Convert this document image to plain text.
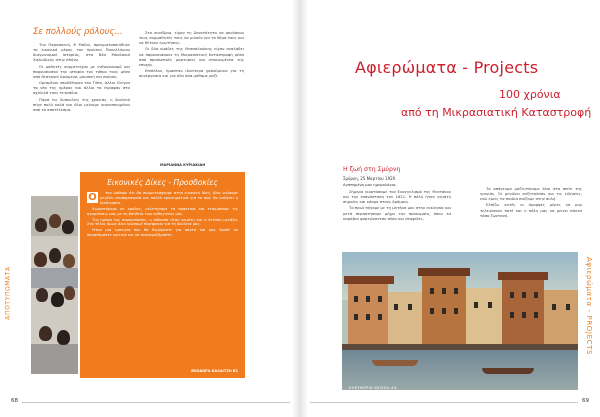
Σε πολλούς ρόλους...

Την Παρασκευή, 8 Μαΐου, πραγματοποιήθηκε το εικονικό μέρος του πρώτου Πανελλήνιου διαγωνισμού Ιστορίας, στα Νέα Μουδανιά Χαλκιδικής στην Αθήνα.

Οι μαθητές συμμετείχαν με ενθουσιασμό και παρουσίασαν την ιστορία του τόπου τους μέσα από θεατρικά δρώμενα, μουσική και ποίηση.

Ορισμένοι υποδύθηκαν τον Τύπο, άλλοι έλεγαν τα νέα της ημέρας και άλλοι τα έγραφαν στα σχολικά τους τετράδια.

Παρά τις δυσκολίες της χρονιάς, η δουλειά πήγε πολύ καλά και όλοι μείναμε ικανοποιημένοι από το αποτέλεσμα.

Στο συνέδριο, είχαν τη δυνατότητα να ακούσουν τους συμμαθητές τους να μιλούν για το θέμα τους και να θέτουν ερωτήσεις.

Οι δύο ομάδες της Θεσσαλονίκης είχαν αναλάβει να παρουσιάσουν τη Μικρασιατική Καταστροφή μέσα από προσωπικές μαρτυρίες και ντοκουμέντα της εποχής.

Επιπλέον, ήμασταν ιδιαίτερα χαρούμενοι για τη συνεργασία και για όλα όσα μάθαμε μαζί.

ΜΑΡΙΑΝΝΑ ΚΥΡΙΑΚΙΔΗ
Εικονικές Δίκες - Προσδοκίες
Ο	ταν μάθαμε ότι θα συμμετάσχουμε στην εικονική δίκη, όλοι νιώσαμε μεγάλη ανυπομονησία και πολλά ερωτηματικά για το πώς θα κυλήσει η διαδικασία.

Χωριστήκαμε σε ομάδες, μελετήσαμε τα πρακτικά και ετοιμάσαμε τις αγορεύσεις μας με τη βοήθεια των καθηγητών μας.

Την ημέρα της παρουσίασης, η αίθουσα ήταν γεμάτη και η ένταση μεγάλη. Στο τέλος όμως όλοι νιώσαμε περήφανοι για τη δουλειά μας.

Ήταν μια εμπειρία που θα θυμόμαστε για πάντα και μας έμαθε να σκεφτόμαστε κριτικά και να συνεργαζόμαστε.

ΘΕΟΔΩΡΑ ΚΑΛΑΙΤΖΗ Β1
ΑΠΟΤΥΠΩΜΑΤΑ
68
Αφιερώματα - Projects
100 χρόνια
από τη Μικρασιατική Καταστροφή
Η ζωή στη Σμύρνη
Σμύρνη, 25 Μαρτίου 1920
Αγαπημένο μου ημερολόγιο,

Σήμερα γιορτάσαμε τον Ευαγγελισμό της Θεοτόκου και την επανάσταση του 1821. Η πόλη ήταν γεμάτη σημαίες και κόσμο στους δρόμους.

Το πρωί πήγαμε με τη μητέρα μου στην εκκλησία και μετά περπατήσαμε μέχρι την προκυμαία, όπου τα καράβια φορτώνονταν σύκα και σταφίδες.

Το απόγευμα μαζευτήκαμε όλοι στο σπίτι της γιαγιάς. Οι μεγάλοι συζητούσαν για τις ειδήσεις, ενώ εμείς τα παιδιά παίζαμε στην αυλή.

Ελπίζω αυτές οι όμορφες μέρες να μην τελειώσουν ποτέ και η πόλη μας να μείνει πάντα τόσο ζωντανή.

ΕΛΕΥΘΕΡΙΑ ΜΟΣΧΑ Α4
Αφιερώματα - PROJECTS
69
